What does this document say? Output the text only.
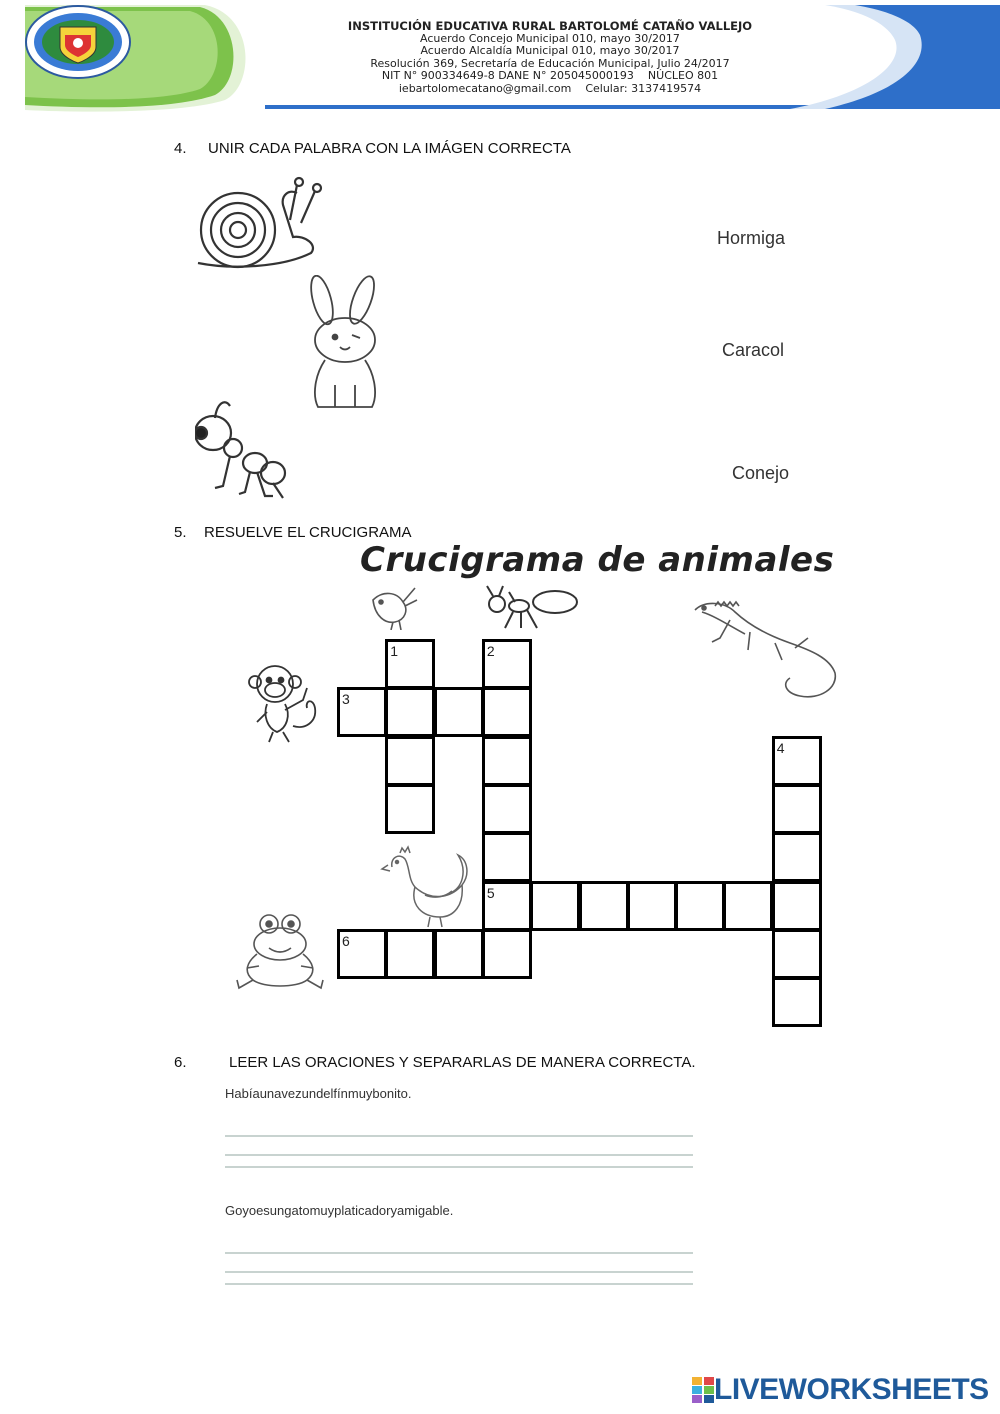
INSTITUCIÓN EDUCATIVA RURAL BARTOLOMÉ CATAÑO VALLEJO
Acuerdo Concejo Municipal 010, mayo 30/2017
Acuerdo Alcaldía Municipal 010, mayo 30/2017
Resolución 369, Secretaría de Educación Municipal, Julio 24/2017
NIT N° 900334649-8 DANE N° 205045000193    NÚCLEO 801
iebartolomecatano@gmail.com    Celular: 3137419574
4. UNIR CADA PALABRA CON LA IMÁGEN CORRECTA
Hormiga
Caracol
Conejo
5. RESUELVE EL CRUCIGRAMA
Crucigrama de animales
1	2
3
4
5
6
6.	LEER LAS ORACIONES Y SEPARARLAS DE MANERA CORRECTA.
Habíaunavezundelfínmuybonito.
Goyoesungatomuyplaticadoryamigable.
LIVEWORKSHEETS
